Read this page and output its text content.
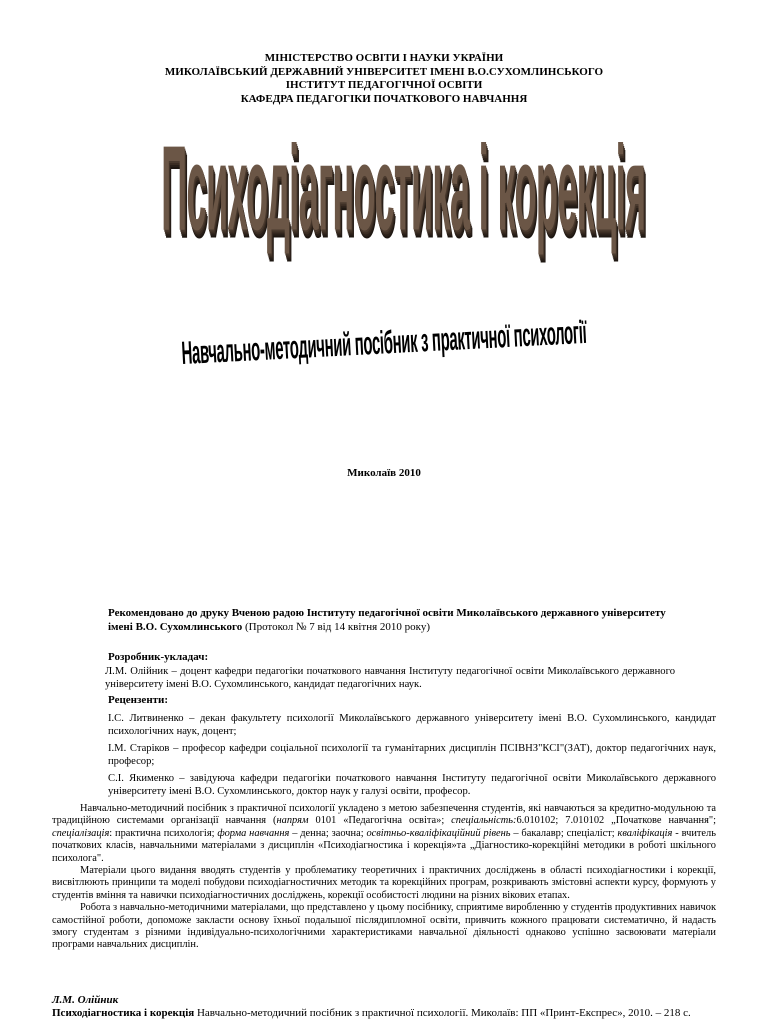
МІНІСТЕРСТВО ОСВІТИ І НАУКИ УКРАЇНИ
МИКОЛАЇВСЬКИЙ ДЕРЖАВНИЙ УНІВЕРСИТЕТ ІМЕНІ В.О.СУХОМЛИНСЬКОГО
ІНСТИТУТ ПЕДАГОГІЧНОЇ ОСВІТИ
КАФЕДРА ПЕДАГОГІКИ ПОЧАТКОВОГО НАВЧАННЯ
Психодіагностика і корекція
Навчально-методичний посібник з практичної психології
Миколаїв 2010
Рекомендовано до друку Вченою радою Інституту педагогічної освіти Миколаївського державного університету імені В.О. Сухомлинського (Протокол № 7 від 14 квітня 2010 року)
Розробник-укладач:
Л.М. Олійник – доцент кафедри педагогіки початкового навчання Інституту педагогічної освіти Миколаївського державного університету імені В.О. Сухомлинського, кандидат педагогічних наук.
Рецензенти:
І.С. Литвиненко – декан факультету психології Миколаївського державного університету імені В.О. Сухомлинського, кандидат психологічних наук, доцент;
І.М. Старіков – професор кафедри соціальної психології та гуманітарних дисциплін ПСІВНЗ"КСІ"(ЗАТ), доктор педагогічних наук, професор;
С.І. Якименко – завідуюча кафедри педагогіки початкового навчання Інституту педагогічної освіти Миколаївського державного університету імені В.О. Сухомлинського, доктор наук у галузі освіти, професор.

Навчально-методичний посібник з практичної психології укладено з метою забезпечення студентів, які навчаються за кредитно-модульною та традиційною системами організації навчання (напрям 0101 «Педагогічна освіта»; спеціальність:6.010102; 7.010102 „Початкове навчання"; спеціалізація: практична психологія; форма навчання – денна; заочна; освітньо-кваліфікаційний рівень – бакалавр; спеціаліст; кваліфікація - вчитель початкових класів, навчальними матеріалами з дисциплін «Психодіагностика і корекція»та „Діагностико-корекційні методики в роботі шкільного психолога".

Матеріали цього видання вводять студентів у проблематику теоретичних і практичних досліджень в області психодіагностики і корекції, висвітлюють принципи та моделі побудови психодіагностичних методик та корекційних програм, розкривають змістовні аспекти курсу, формують у студентів вміння та навички психодіагностичних досліджень, корекції особистості людини на різних вікових етапах.

Робота з навчально-методичними матеріалами, що представлено у цьому посібнику, сприятиме виробленню у студентів продуктивних навичок самостійної роботи, допоможе закласти основу їхньої подальшої післядипломної освіти, привчить кожного працювати систематично, й надасть змогу студентам з різними індивідуально-психологічними характеристиками навчальної діяльності однаково успішно засвоювати матеріали програми навчальних дисциплін.

Л.М. Олійник
Психодіагностика і корекція Навчально-методичний посібник з практичної психології. Миколаїв: ПП «Принт-Експрес», 2010. – 218 с.
